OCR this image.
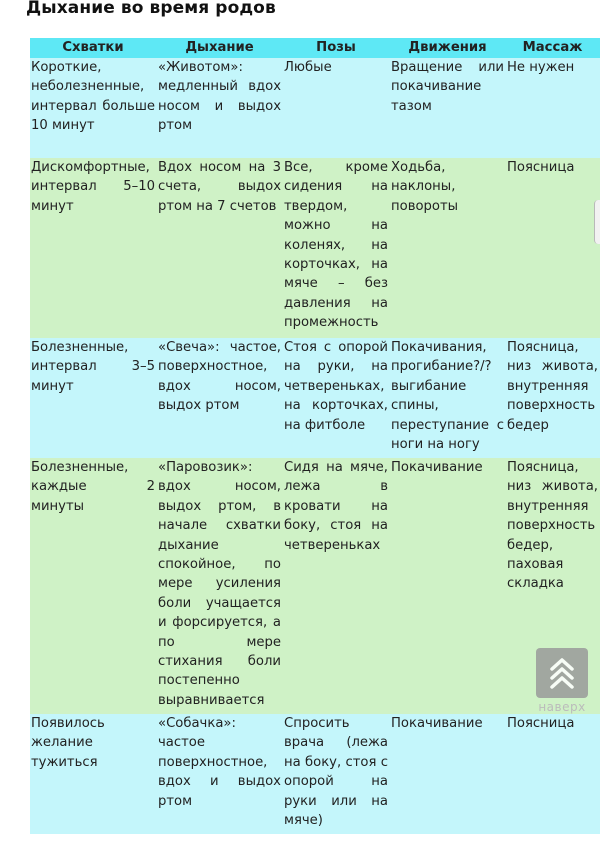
Дыхание во время родов
Схватки	Дыхание	Позы	Движения	Массаж
Короткие, неболезненные, интервал больше 10 минут	«Животом»: медленный вдох носом и выдох ртом	Любые	Вращение или покачивание тазом	Не нужен
Дискомфортные, интервал 5–10 минут	Вдох носом на 3 счета, выдох ртом на 7 счетов	Все, кроме сидения на твердом, можно на коленях, на корточках, на мяче – без давления на промежность	Ходьба, наклоны, повороты	Поясница
Болезненные, интервал 3–5 минут	«Свеча»: частое, поверхностное, вдох носом, выдох ртом	Стоя с опорой на руки, на четвереньках, на корточках, на фитболе	Покачивания, прогибание?/? выгибание спины, переступание с ноги на ногу	Поясница, низ живота, внутренняя поверхность бедер
Болезненные, каждые 2 минуты	«Паровозик»: вдох носом, выдох ртом, в начале схватки дыхание спокойное, по мере усиления боли учащается и форсируется, а по мере стихания боли постепенно выравнивается	Сидя на мяче, лежа в кровати на боку, стоя на четвереньках	Покачивание	Поясница, низ живота, внутренняя поверхность бедер, паховая складка
Появилось желание тужиться	«Собачка»: частое поверхностное, вдох и выдох ртом	Спросить врача (лежа на боку, стоя с опорой на руки или на мяче)	Покачивание	Поясница
наверх
